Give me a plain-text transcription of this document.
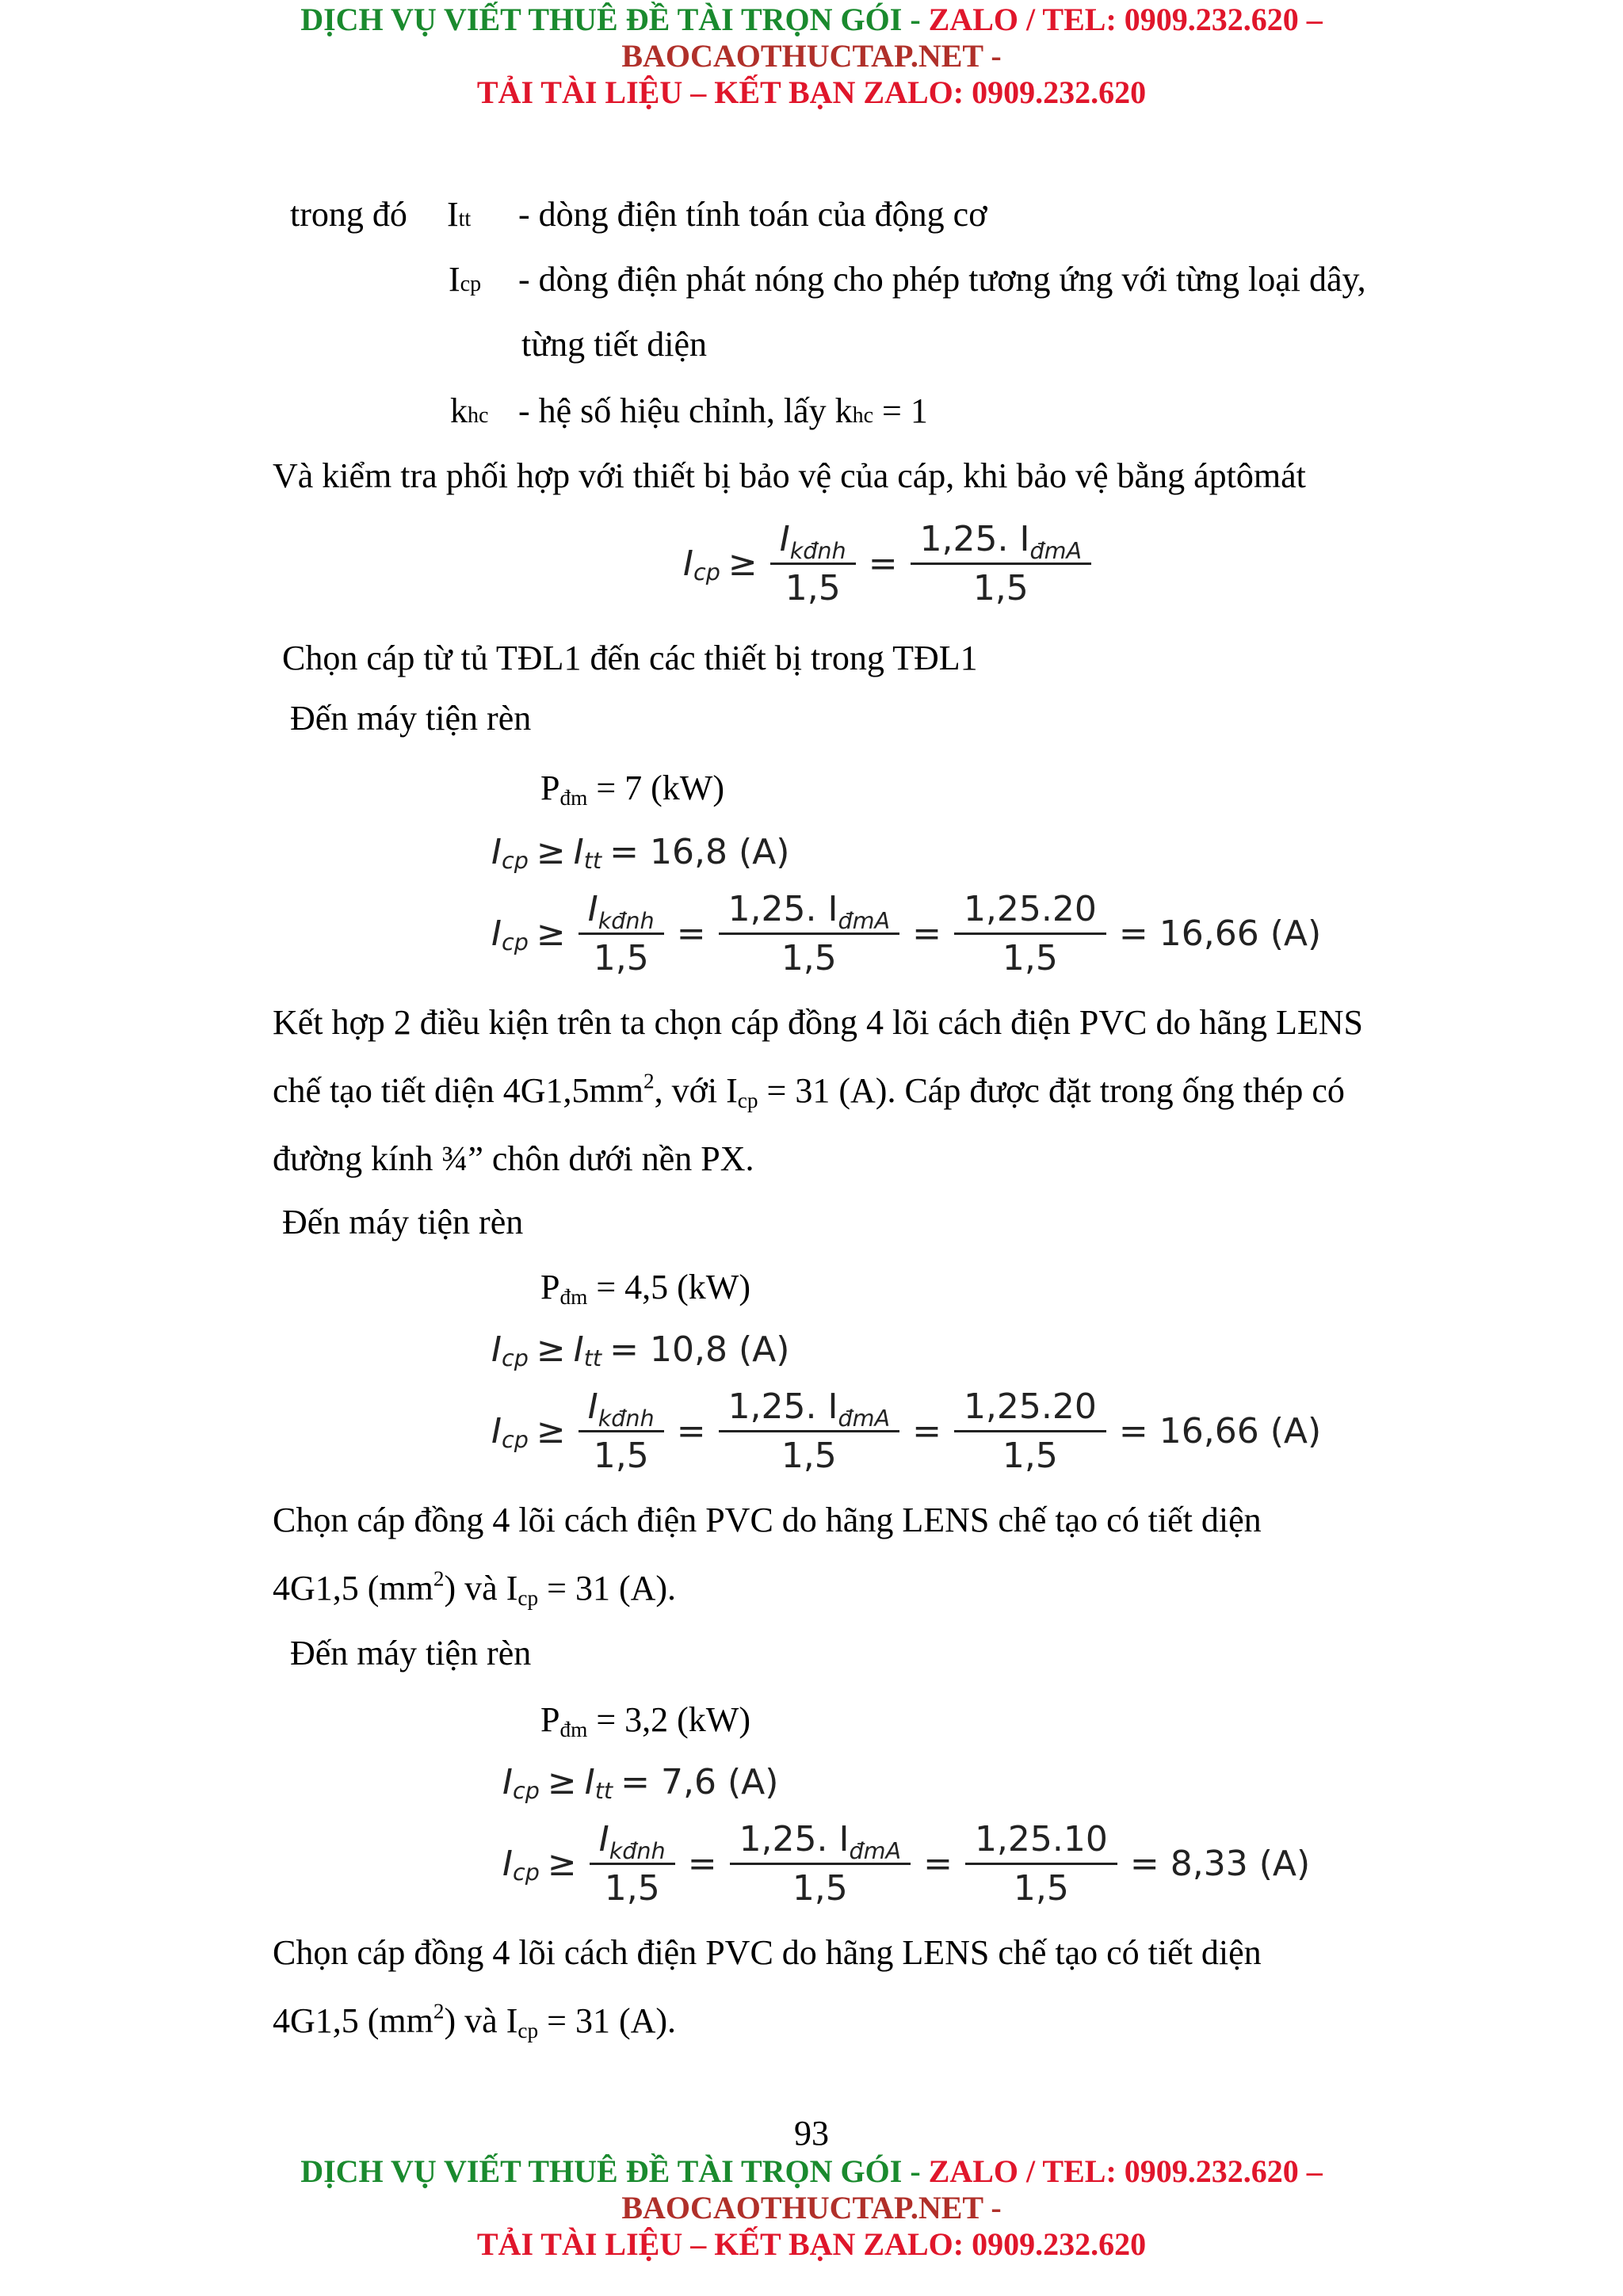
DỊCH VỤ VIẾT THUÊ ĐỀ TÀI TRỌN GÓI - ZALO / TEL: 0909.232.620 –
BAOCAOTHUCTAP.NET -
TẢI TÀI LIỆU – KẾT BẠN ZALO: 0909.232.620
trong đó Itt - dòng điện tính toán của động cơ
Icp - dòng điện phát nóng cho phép tương ứng với từng loại dây,
từng tiết diện
khc - hệ số hiệu chỉnh, lấy khc = 1
Và kiểm tra phối hợp với thiết bị bảo vệ của cáp, khi bảo vệ bằng áptômát
I cp ≥ $\frac{I_{kđnh}}{1,5} = \frac{1,25. I_{đmA}}{1,5}$
Chọn cáp từ tủ TĐL1 đến các thiết bị trong TĐL1
Đến máy tiện rèn
$P_{đm} = 7$ (kW)
I cp ≥ I tt = 16,8 (A)
I cp ≥ $\frac{I_{kđnh}}{1,5} = \frac{1,25. I_{đmA}}{1,5} = \frac{1,25.20}{1,5} = 16,66$ (A)
Kết hợp 2 điều kiện trên ta chọn cáp đồng 4 lõi cách điện PVC do hãng LENS
chế tạo tiết diện $4G1,5mm^2$, với $I_{cp} = 31$ (A). Cáp được đặt trong ống thép có
đường kính ¾” chôn dưới nền PX.
Đến máy tiện rèn
$P_{đm} = 4,5$ (kW)
I cp ≥ I tt = 10,8 (A)
I cp ≥ $\frac{I_{kđnh}}{1,5} = \frac{1,25. I_{đmA}}{1,5} = \frac{1,25.20}{1,5} = 16,66$ (A)
Chọn cáp đồng 4 lõi cách điện PVC do hãng LENS chế tạo có tiết diện
4G1,5 $(mm^2)$ và $I_{cp} = 31$ (A).
Đến máy tiện rèn
$P_{đm} = 3,2$ (kW)
I cp ≥ I tt = 7,6 (A)
I cp ≥ $\frac{I_{kđnh}}{1,5} = \frac{1,25. I_{đmA}}{1,5} = \frac{1,25.10}{1,5} = 8,33$ (A)
Chọn cáp đồng 4 lõi cách điện PVC do hãng LENS chế tạo có tiết diện
4G1,5 $(mm^2)$ và $I_{cp} = 31$ (A).
93
DỊCH VỤ VIẾT THUÊ ĐỀ TÀI TRỌN GÓI - ZALO / TEL: 0909.232.620 –
BAOCAOTHUCTAP.NET -
TẢI TÀI LIỆU – KẾT BẠN ZALO: 0909.232.620
